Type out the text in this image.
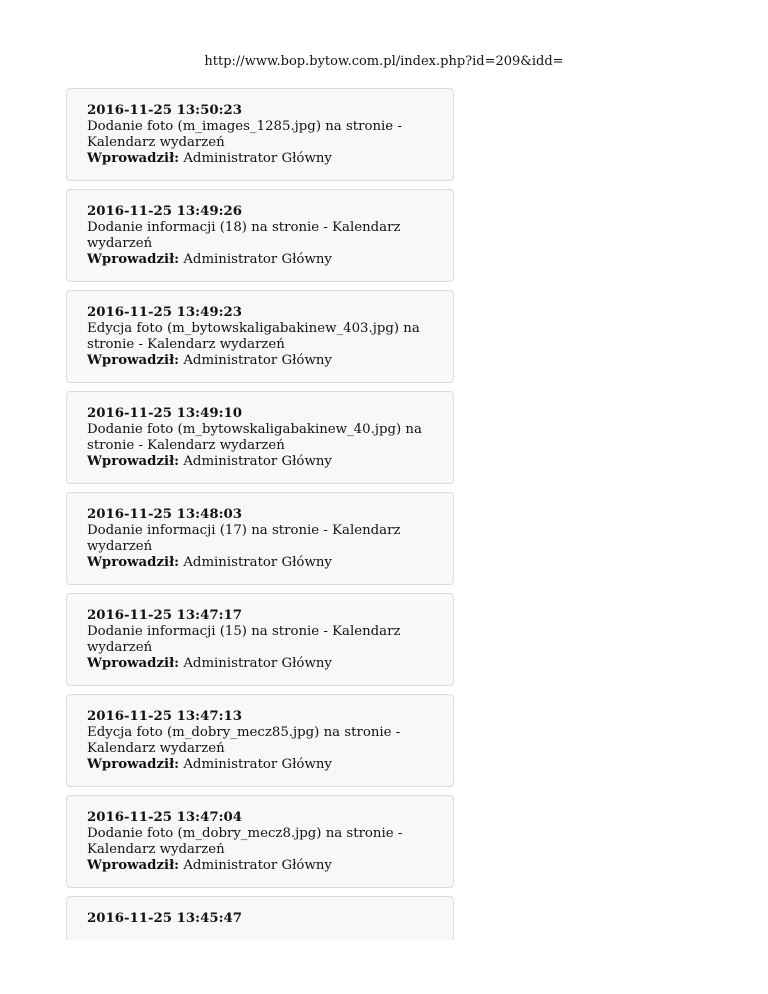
http://www.bop.bytow.com.pl/index.php?id=209&idd=
2016-11-25 13:50:23
Dodanie foto (m_images_1285.jpg) na stronie - Kalendarz wydarzeń
Wprowadził: Administrator Główny
2016-11-25 13:49:26
Dodanie informacji (18) na stronie - Kalendarz wydarzeń
Wprowadził: Administrator Główny
2016-11-25 13:49:23
Edycja foto (m_bytowskaligabakinew_403.jpg) na stronie - Kalendarz wydarzeń
Wprowadził: Administrator Główny
2016-11-25 13:49:10
Dodanie foto (m_bytowskaligabakinew_40.jpg) na stronie - Kalendarz wydarzeń
Wprowadził: Administrator Główny
2016-11-25 13:48:03
Dodanie informacji (17) na stronie - Kalendarz wydarzeń
Wprowadził: Administrator Główny
2016-11-25 13:47:17
Dodanie informacji (15) na stronie - Kalendarz wydarzeń
Wprowadził: Administrator Główny
2016-11-25 13:47:13
Edycja foto (m_dobry_mecz85.jpg) na stronie - Kalendarz wydarzeń
Wprowadził: Administrator Główny
2016-11-25 13:47:04
Dodanie foto (m_dobry_mecz8.jpg) na stronie - Kalendarz wydarzeń
Wprowadził: Administrator Główny
2016-11-25 13:45:47
